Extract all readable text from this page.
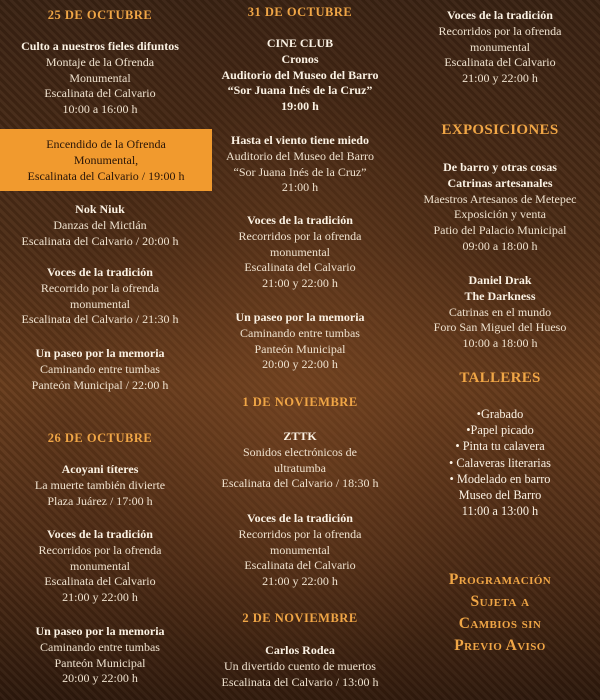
25 DE OCTUBRE
Culto a nuestros fieles difuntos
Montaje de la Ofrenda
Monumental
Escalinata del Calvario
10:00 a 16:00 h
Encendido de la Ofrenda
Monumental,
Escalinata del Calvario / 19:00 h
Nok Niuk
Danzas del Mictlán
Escalinata del Calvario / 20:00 h
Voces de la tradición
Recorrido por la ofrenda
monumental
Escalinata del Calvario / 21:30 h
Un paseo por la memoria
Caminando entre tumbas
Panteón Municipal / 22:00 h
26 DE OCTUBRE
Acoyani títeres
La muerte también divierte
Plaza Juárez / 17:00 h
Voces de la tradición
Recorridos por la ofrenda
monumental
Escalinata del Calvario
21:00 y 22:00 h
Un paseo por la memoria
Caminando entre tumbas
Panteón Municipal
20:00 y 22:00 h
31 DE OCTUBRE
CINE CLUB
Cronos
Auditorio del Museo del Barro
“Sor Juana Inés de la Cruz”
19:00 h
Hasta el viento tiene miedo
Auditorio del Museo del Barro
“Sor Juana Inés de la Cruz”
21:00 h
Voces de la tradición
Recorridos por la ofrenda
monumental
Escalinata del Calvario
21:00 y 22:00 h
Un paseo por la memoria
Caminando entre tumbas
Panteón Municipal
20:00 y 22:00 h
1 DE NOVIEMBRE
ZTTK
Sonidos electrónicos de
ultratumba
Escalinata del Calvario / 18:30 h
Voces de la tradición
Recorridos por la ofrenda
monumental
Escalinata del Calvario
21:00 y 22:00 h
2 DE NOVIEMBRE
Carlos Rodea
Un divertido cuento de muertos
Escalinata del Calvario / 13:00 h
Voces de la tradición
Recorridos por la ofrenda
monumental
Escalinata del Calvario
21:00 y 22:00 h
EXPOSICIONES
De barro y otras cosas
Catrinas artesanales
Maestros Artesanos de Metepec
Exposición y venta
Patio del Palacio Municipal
09:00 a 18:00 h
Daniel Drak
The Darkness
Catrinas en el mundo
Foro San Miguel del Hueso
10:00 a 18:00 h
TALLERES
•Grabado
•Papel picado
• Pinta tu calavera
• Calaveras literarias
• Modelado en barro
Museo del Barro
11:00 a 13:00 h
Programación
Sujeta a
Cambios sin
Previo Aviso
